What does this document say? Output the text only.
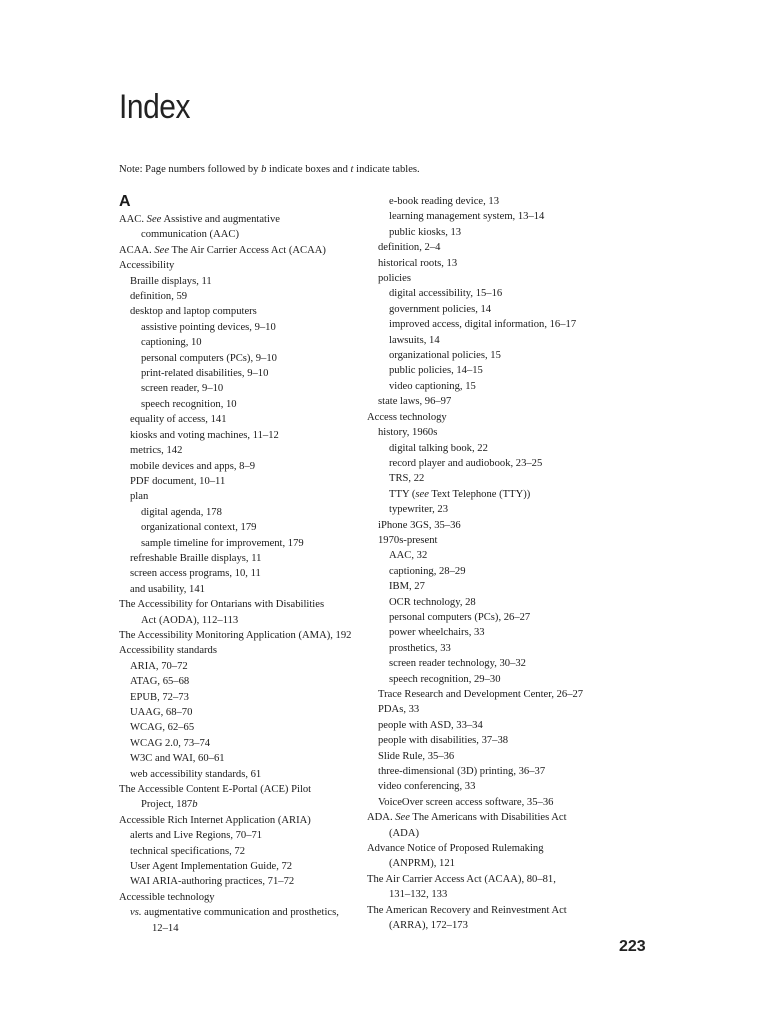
Index
Note: Page numbers followed by b indicate boxes and t indicate tables.
A
AAC. See Assistive and augmentative
communication (AAC)
ACAA. See The Air Carrier Access Act (ACAA)
Accessibility
Braille displays, 11
definition, 59
desktop and laptop computers
assistive pointing devices, 9–10
captioning, 10
personal computers (PCs), 9–10
print-related disabilities, 9–10
screen reader, 9–10
speech recognition, 10
equality of access, 141
kiosks and voting machines, 11–12
metrics, 142
mobile devices and apps, 8–9
PDF document, 10–11
plan
digital agenda, 178
organizational context, 179
sample timeline for improvement, 179
refreshable Braille displays, 11
screen access programs, 10, 11
and usability, 141
The Accessibility for Ontarians with Disabilities
Act (AODA), 112–113
The Accessibility Monitoring Application (AMA), 192
Accessibility standards
ARIA, 70–72
ATAG, 65–68
EPUB, 72–73
UAAG, 68–70
WCAG, 62–65
WCAG 2.0, 73–74
W3C and WAI, 60–61
web accessibility standards, 61
The Accessible Content E-Portal (ACE) Pilot
Project, 187b
Accessible Rich Internet Application (ARIA)
alerts and Live Regions, 70–71
technical specifications, 72
User Agent Implementation Guide, 72
WAI ARIA-authoring practices, 71–72
Accessible technology
vs. augmentative communication and prosthetics,
12–14
e-book reading device, 13
learning management system, 13–14
public kiosks, 13
definition, 2–4
historical roots, 13
policies
digital accessibility, 15–16
government policies, 14
improved access, digital information, 16–17
lawsuits, 14
organizational policies, 15
public policies, 14–15
video captioning, 15
state laws, 96–97
Access technology
history, 1960s
digital talking book, 22
record player and audiobook, 23–25
TRS, 22
TTY (see Text Telephone (TTY))
typewriter, 23
iPhone 3GS, 35–36
1970s-present
AAC, 32
captioning, 28–29
IBM, 27
OCR technology, 28
personal computers (PCs), 26–27
power wheelchairs, 33
prosthetics, 33
screen reader technology, 30–32
speech recognition, 29–30
Trace Research and Development Center, 26–27
PDAs, 33
people with ASD, 33–34
people with disabilities, 37–38
Slide Rule, 35–36
three-dimensional (3D) printing, 36–37
video conferencing, 33
VoiceOver screen access software, 35–36
ADA. See The Americans with Disabilities Act
(ADA)
Advance Notice of Proposed Rulemaking
(ANPRM), 121
The Air Carrier Access Act (ACAA), 80–81,
131–132, 133
The American Recovery and Reinvestment Act
(ARRA), 172–173
223
